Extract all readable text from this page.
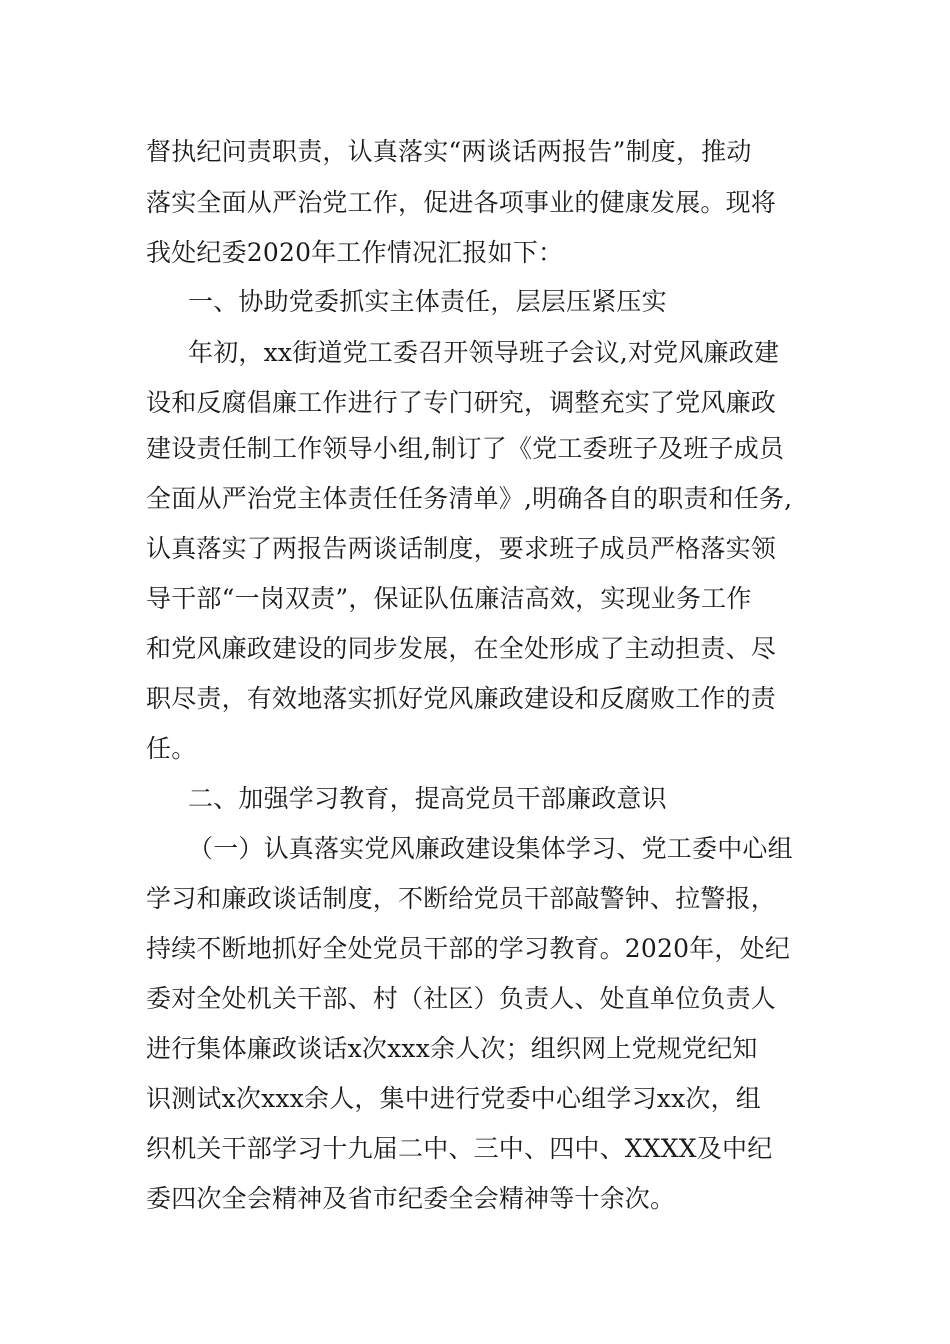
督执纪问责职责，认真落实“两谈话两报告”制度，推动
落实全面从严治党工作，促进各项事业的健康发展。现将
我处纪委2020年工作情况汇报如下：
一、协助党委抓实主体责任，层层压紧压实
年初，xx街道党工委召开领导班子会议,对党风廉政建
设和反腐倡廉工作进行了专门研究，调整充实了党风廉政
建设责任制工作领导小组,制订了《党工委班子及班子成员
全面从严治党主体责任任务清单》,明确各自的职责和任务,
认真落实了两报告两谈话制度，要求班子成员严格落实领
导干部“一岗双责”，保证队伍廉洁高效，实现业务工作
和党风廉政建设的同步发展，在全处形成了主动担责、尽
职尽责，有效地落实抓好党风廉政建设和反腐败工作的责
任。
二、加强学习教育，提高党员干部廉政意识
（一）认真落实党风廉政建设集体学习、党工委中心组
学习和廉政谈话制度，不断给党员干部敲警钟、拉警报，
持续不断地抓好全处党员干部的学习教育。2020年，处纪
委对全处机关干部、村（社区）负责人、处直单位负责人
进行集体廉政谈话x次xxx余人次；组织网上党规党纪知
识测试x次xxx余人，集中进行党委中心组学习xx次，组
织机关干部学习十九届二中、三中、四中、XXXX及中纪
委四次全会精神及省市纪委全会精神等十余次。
